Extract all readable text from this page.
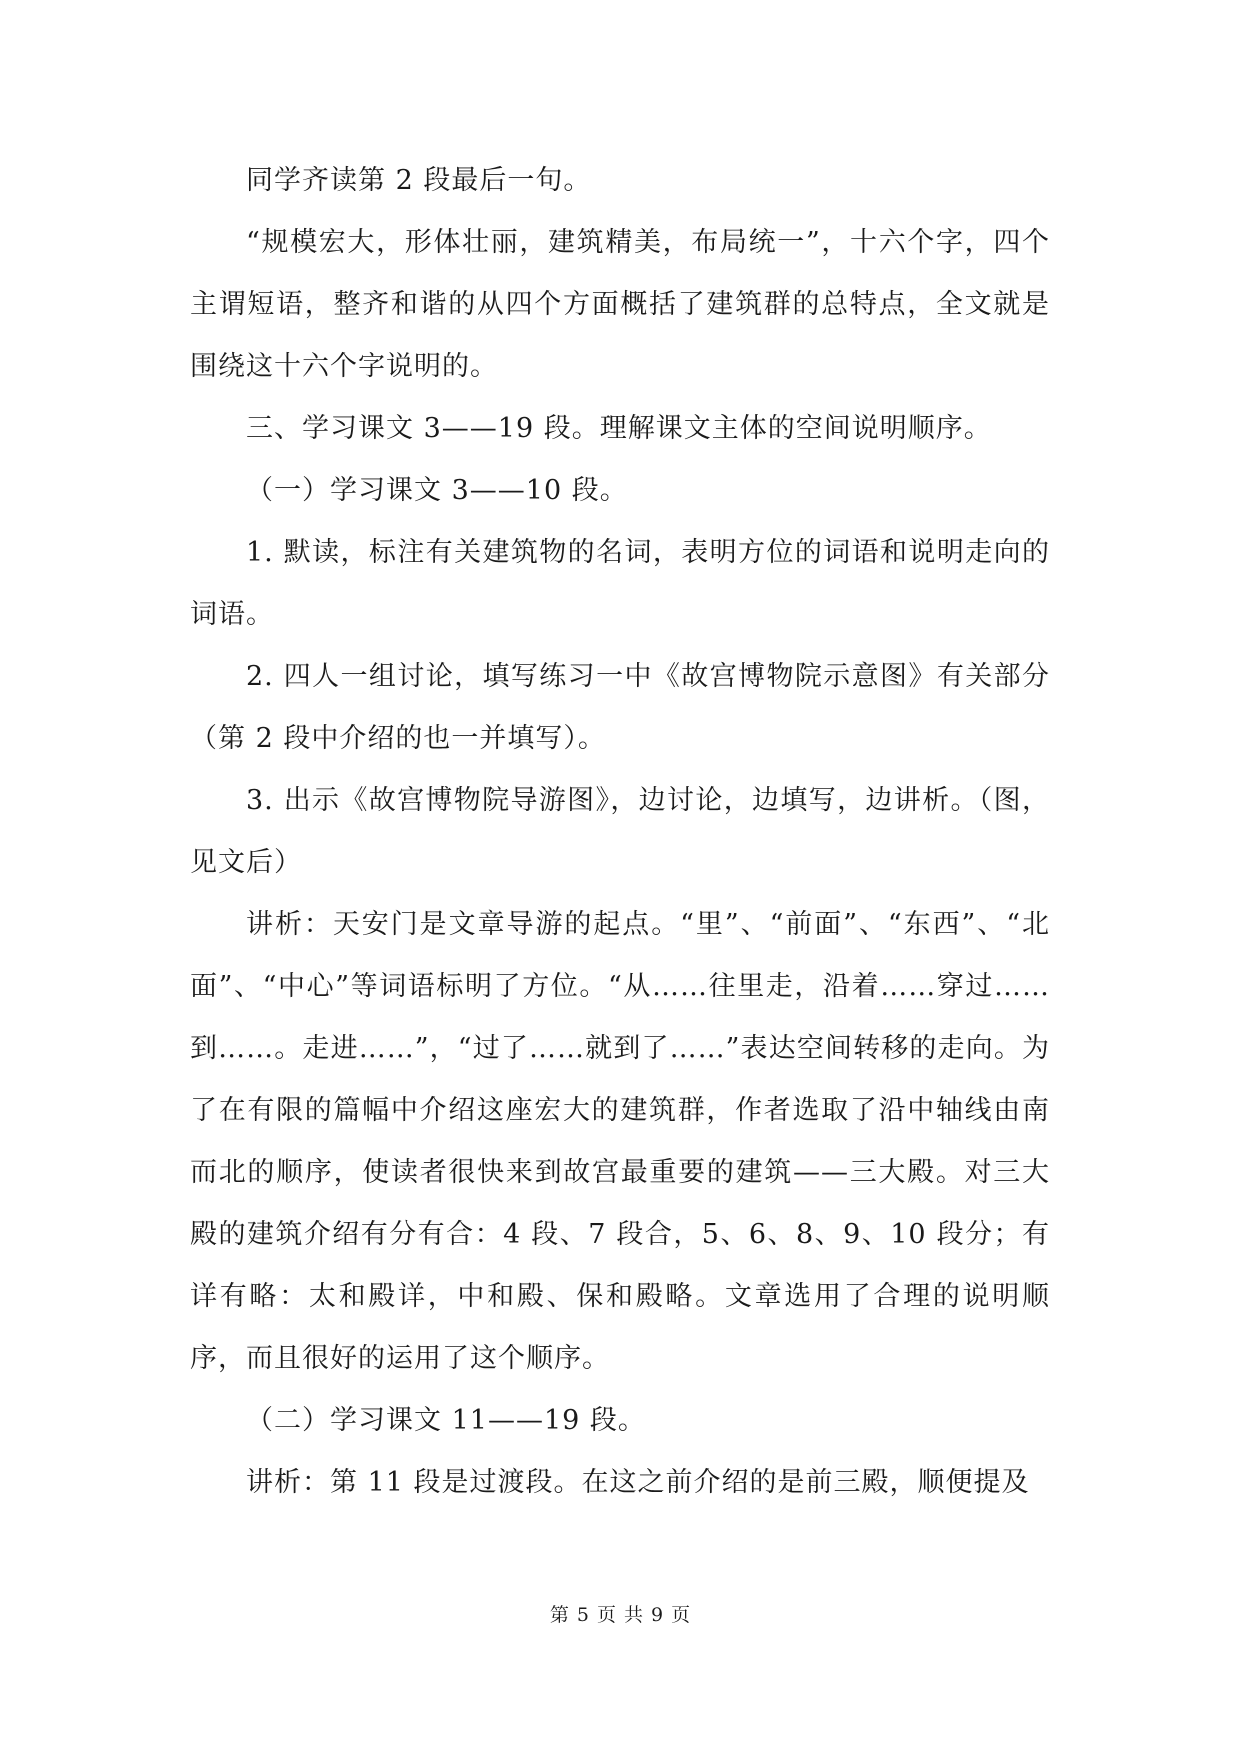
同学齐读第 2 段最后一句。

“规模宏大，形体壮丽，建筑精美，布局统一”，十六个字，四个主谓短语，整齐和谐的从四个方面概括了建筑群的总特点，全文就是围绕这十六个字说明的。

三、学习课文 3——19 段。理解课文主体的空间说明顺序。

（一）学习课文 3——10 段。

1. 默读，标注有关建筑物的名词，表明方位的词语和说明走向的词语。

2. 四人一组讨论，填写练习一中《故宫博物院示意图》有关部分（第 2 段中介绍的也一并填写）。

3. 出示《故宫博物院导游图》，边讨论，边填写，边讲析。（图，见文后）

讲析：天安门是文章导游的起点。“里”、“前面”、“东西”、“北面”、“中心”等词语标明了方位。“从……往里走，沿着……穿过……到……。走进……”，“过了……就到了……”表达空间转移的走向。为了在有限的篇幅中介绍这座宏大的建筑群，作者选取了沿中轴线由南而北的顺序，使读者很快来到故宫最重要的建筑——三大殿。对三大殿的建筑介绍有分有合：4 段、7 段合，5、6、8、9、10 段分；有详有略：太和殿详，中和殿、保和殿略。文章选用了合理的说明顺序，而且很好的运用了这个顺序。

（二）学习课文 11——19 段。

讲析：第 11 段是过渡段。在这之前介绍的是前三殿，顺便提及

第 5 页 共 9 页
